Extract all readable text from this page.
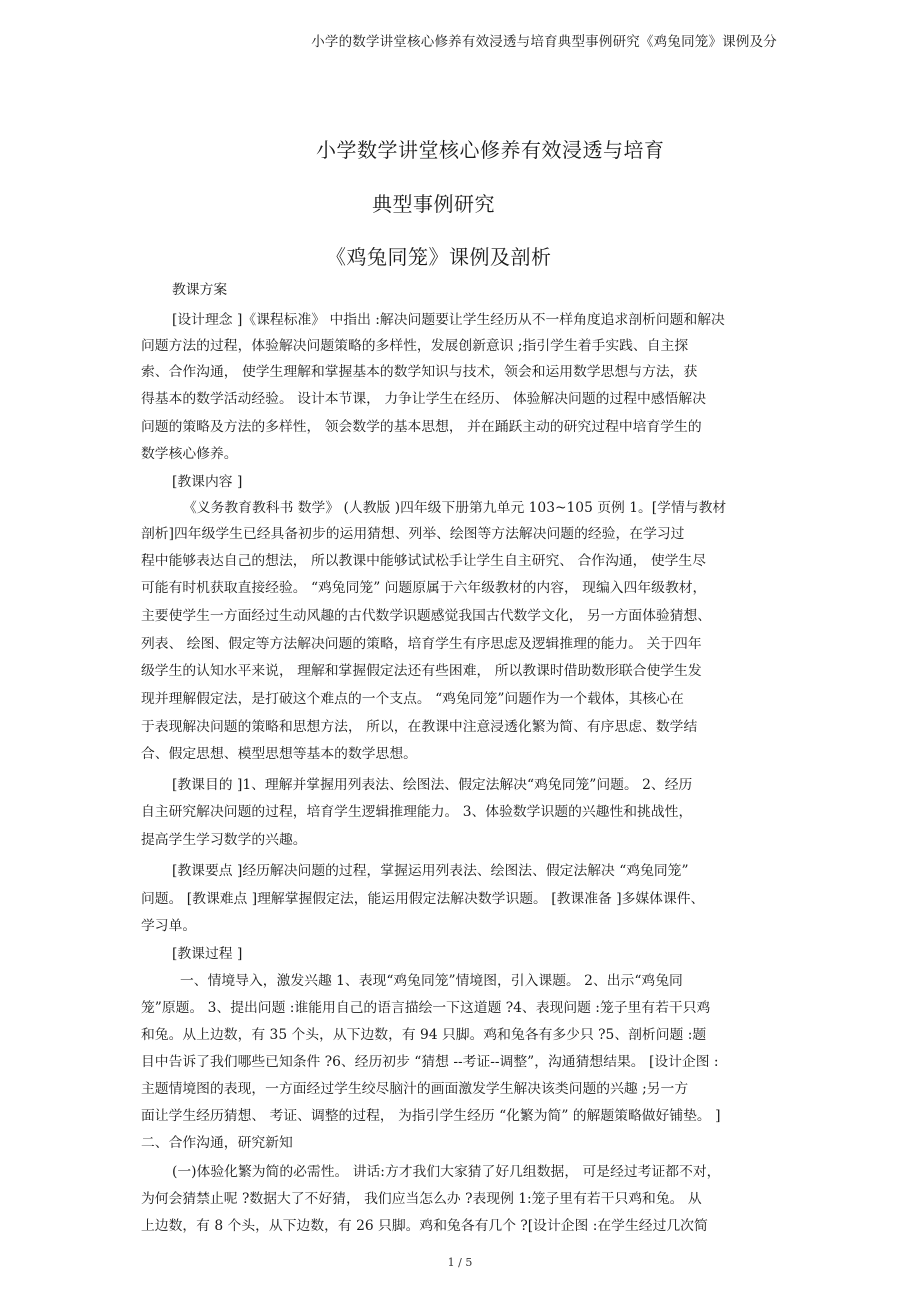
小学的数学讲堂核心修养有效浸透与培育典型事例研究《鸡兔同笼》课例及分
小学数学讲堂核心修养有效浸透与培育
典型事例研究
《鸡兔同笼》课例及剖析
教课方案
[设计理念 ]《课程标准》 中指出 :解决问题要让学生经历从不一样角度追求剖析问题和解决
问题方法的过程，体验解决问题策略的多样性，发展创新意识 ;指引学生着手实践、自主探
索、合作沟通， 使学生理解和掌握基本的数学知识与技术，领会和运用数学思想与方法，获
得基本的数学活动经验。 设计本节课， 力争让学生在经历、 体验解决问题的过程中感悟解决
问题的策略及方法的多样性， 领会数学的基本思想， 并在踊跃主动的研究过程中培育学生的
数学核心修养。
[教课内容 ]
《义务教育教科书 数学》 (人教版 )四年级下册第九单元 103~105 页例 1。[学情与教材
剖析]四年级学生已经具备初步的运用猜想、列举、绘图等方法解决问题的经验，在学习过
程中能够表达自己的想法， 所以教课中能够试试松手让学生自主研究、 合作沟通， 使学生尽
可能有时机获取直接经验。 “鸡兔同笼” 问题原属于六年级教材的内容， 现编入四年级教材，
主要使学生一方面经过生动风趣的古代数学识题感觉我国古代数学文化， 另一方面体验猜想、
列表、 绘图、假定等方法解决问题的策略，培育学生有序思虑及逻辑推理的能力。 关于四年
级学生的认知水平来说， 理解和掌握假定法还有些困难， 所以教课时借助数形联合使学生发
现并理解假定法，是打破这个难点的一个支点。 “鸡兔同笼”问题作为一个载体，其核心在
于表现解决问题的策略和思想方法， 所以，在教课中注意浸透化繁为简、有序思虑、数学结
合、假定思想、模型思想等基本的数学思想。
[教课目的 ]1、理解并掌握用列表法、绘图法、假定法解决“鸡兔同笼”问题。 2、经历
自主研究解决问题的过程，培育学生逻辑推理能力。 3、体验数学识题的兴趣性和挑战性，
提高学生学习数学的兴趣。
[教课要点 ]经历解决问题的过程，掌握运用列表法、绘图法、假定法解决 “鸡兔同笼”
问题。 [教课难点 ]理解掌握假定法，能运用假定法解决数学识题。 [教课准备 ]多媒体课件、
学习单。
[教课过程 ]
一、情境导入，激发兴趣 1、表现“鸡兔同笼”情境图，引入课题。 2、出示“鸡兔同
笼”原题。 3、提出问题 :谁能用自己的语言描绘一下这道题 ?4、表现问题 :笼子里有若干只鸡
和兔。从上边数，有 35 个头，从下边数，有 94 只脚。鸡和兔各有多少只 ?5、剖析问题 :题
目中告诉了我们哪些已知条件 ?6、经历初步 “猜想 --考证--调整”，沟通猜想结果。 [设计企图 :
主题情境图的表现，一方面经过学生绞尽脑汁的画面激发学生解决该类问题的兴趣 ;另一方
面让学生经历猜想、 考证、调整的过程， 为指引学生经历 “化繁为简” 的解题策略做好铺垫。 ]
二、合作沟通，研究新知
(一)体验化繁为简的必需性。 讲话:方才我们大家猜了好几组数据， 可是经过考证都不对，
为何会猜禁止呢 ?数据大了不好猜， 我们应当怎么办 ?表现例 1:笼子里有若干只鸡和兔。 从
上边数，有 8 个头，从下边数，有 26 只脚。鸡和兔各有几个 ?[设计企图 :在学生经过几次简
1 / 5
